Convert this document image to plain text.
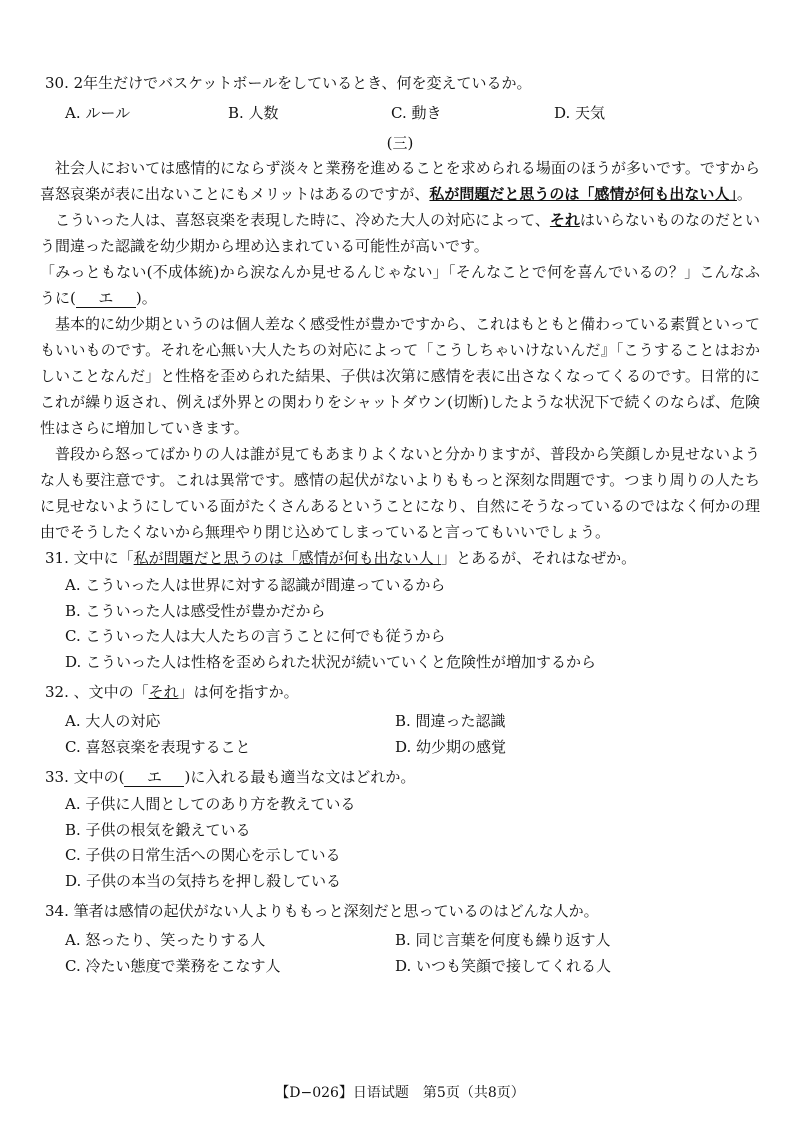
30. 2年生だけでバスケットボールをしているとき、何を変えているか。

A. ルール	B. 人数	C. 動き	D. 天気
(三)

社会人においては感情的にならず淡々と業務を進めることを求められる場面のほうが多いです。ですから喜怒哀楽が表に出ないことにもメリットはあるのですが、私が問題だと思うのは「感情が何も出ない人」。

こういった人は、喜怒哀楽を表現した時に、冷めた大人の対応によって、それはいらないものなのだという間違った認識を幼少期から埋め込まれている可能性が高いです。

「みっともない(不成体統)から涙なんか見せるんじゃない」「そんなことで何を喜んでいるの？」こんなふうに( エ )。

基本的に幼少期というのは個人差なく感受性が豊かですから、これはもともと備わっている素質といってもいいものです。それを心無い大人たちの対応によって「こうしちゃいけないんだ』「こうすることはおかしいことなんだ」と性格を歪められた結果、子供は次第に感情を表に出さなくなってくるのです。日常的にこれが繰り返され、例えば外界との関わりをシャットダウン(切断)したような状況下で続くのならば、危険性はさらに増加していきます。

普段から怒ってばかりの人は誰が見てもあまりよくないと分かりますが、普段から笑顔しか見せないような人も要注意です。これは異常です。感情の起伏がないよりももっと深刻な問題です。つまり周りの人たちに見せないようにしている面がたくさんあるということになり、自然にそうなっているのではなく何かの理由でそうしたくないから無理やり閉じ込めてしまっていると言ってもいいでしょう。

31. 文中に「私が問題だと思うのは「感情が何も出ない人」」とあるが、それはなぜか。

A. こういった人は世界に対する認識が間違っているから
B. こういった人は感受性が豊かだから
C. こういった人は大人たちの言うことに何でも従うから
D. こういった人は性格を歪められた状況が続いていくと危険性が増加するから

32. 、文中の「それ」は何を指すか。

A. 大人の対応	B. 間違った認識
C. 喜怒哀楽を表現すること	D. 幼少期の感覚

33. 文中の( エ )に入れる最も適当な文はどれか。

A. 子供に人間としてのあり方を教えている
B. 子供の根気を鍛えている
C. 子供の日常生活への関心を示している
D. 子供の本当の気持ちを押し殺している

34. 筆者は感情の起伏がない人よりももっと深刻だと思っているのはどんな人か。

A. 怒ったり、笑ったりする人	B. 同じ言葉を何度も繰り返す人
C. 冷たい態度で業務をこなす人	D. いつも笑顔で接してくれる人
【D−026】日语试题　第5页（共8页）
